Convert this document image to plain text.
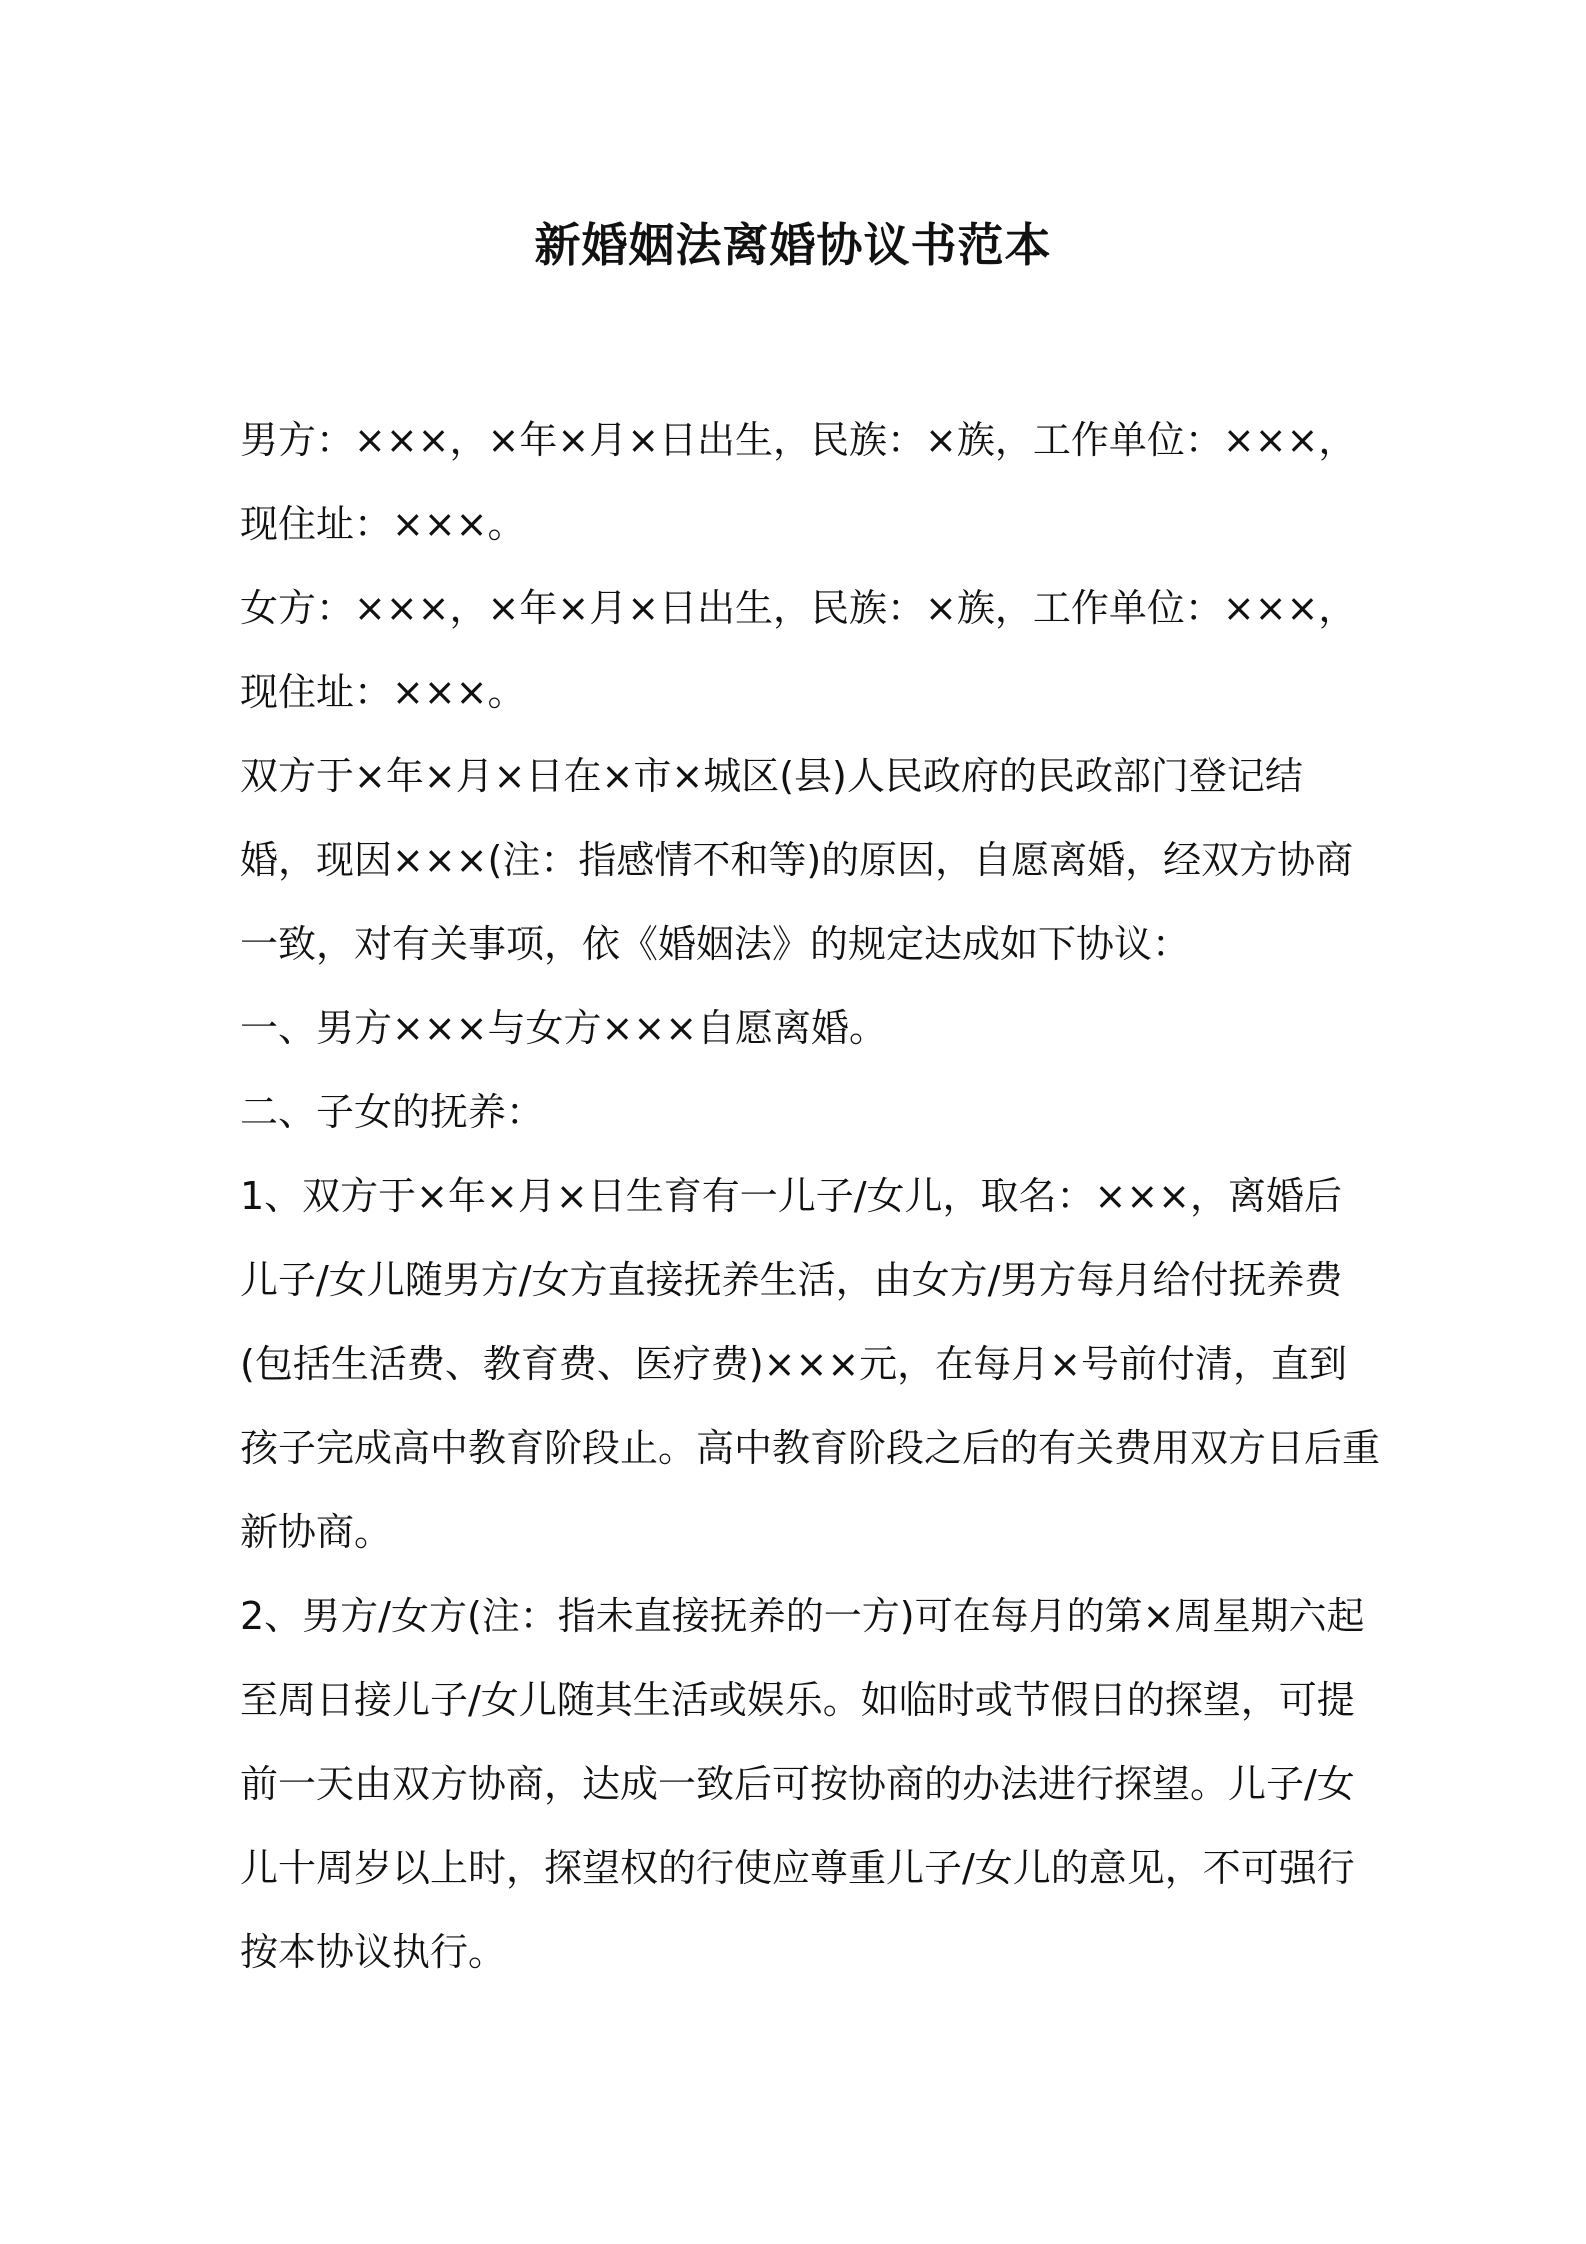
新婚姻法离婚协议书范本

男方：×××，×年×月×日出生，民族：×族，工作单位：×××，
现住址：×××。

女方：×××，×年×月×日出生，民族：×族，工作单位：×××，
现住址：×××。

双方于×年×月×日在×市×城区(县)人民政府的民政部门登记结
婚，现因×××(注：指感情不和等)的原因，自愿离婚，经双方协商
一致，对有关事项，依《婚姻法》的规定达成如下协议：

一、男方×××与女方×××自愿离婚。

二、子女的抚养：

1、双方于×年×月×日生育有一儿子/女儿，取名：×××，离婚后
儿子/女儿随男方/女方直接抚养生活，由女方/男方每月给付抚养费
(包括生活费、教育费、医疗费)×××元，在每月×号前付清，直到
孩子完成高中教育阶段止。高中教育阶段之后的有关费用双方日后重
新协商。

2、男方/女方(注：指未直接抚养的一方)可在每月的第×周星期六起
至周日接儿子/女儿随其生活或娱乐。如临时或节假日的探望，可提
前一天由双方协商，达成一致后可按协商的办法进行探望。儿子/女
儿十周岁以上时，探望权的行使应尊重儿子/女儿的意见，不可强行
按本协议执行。
